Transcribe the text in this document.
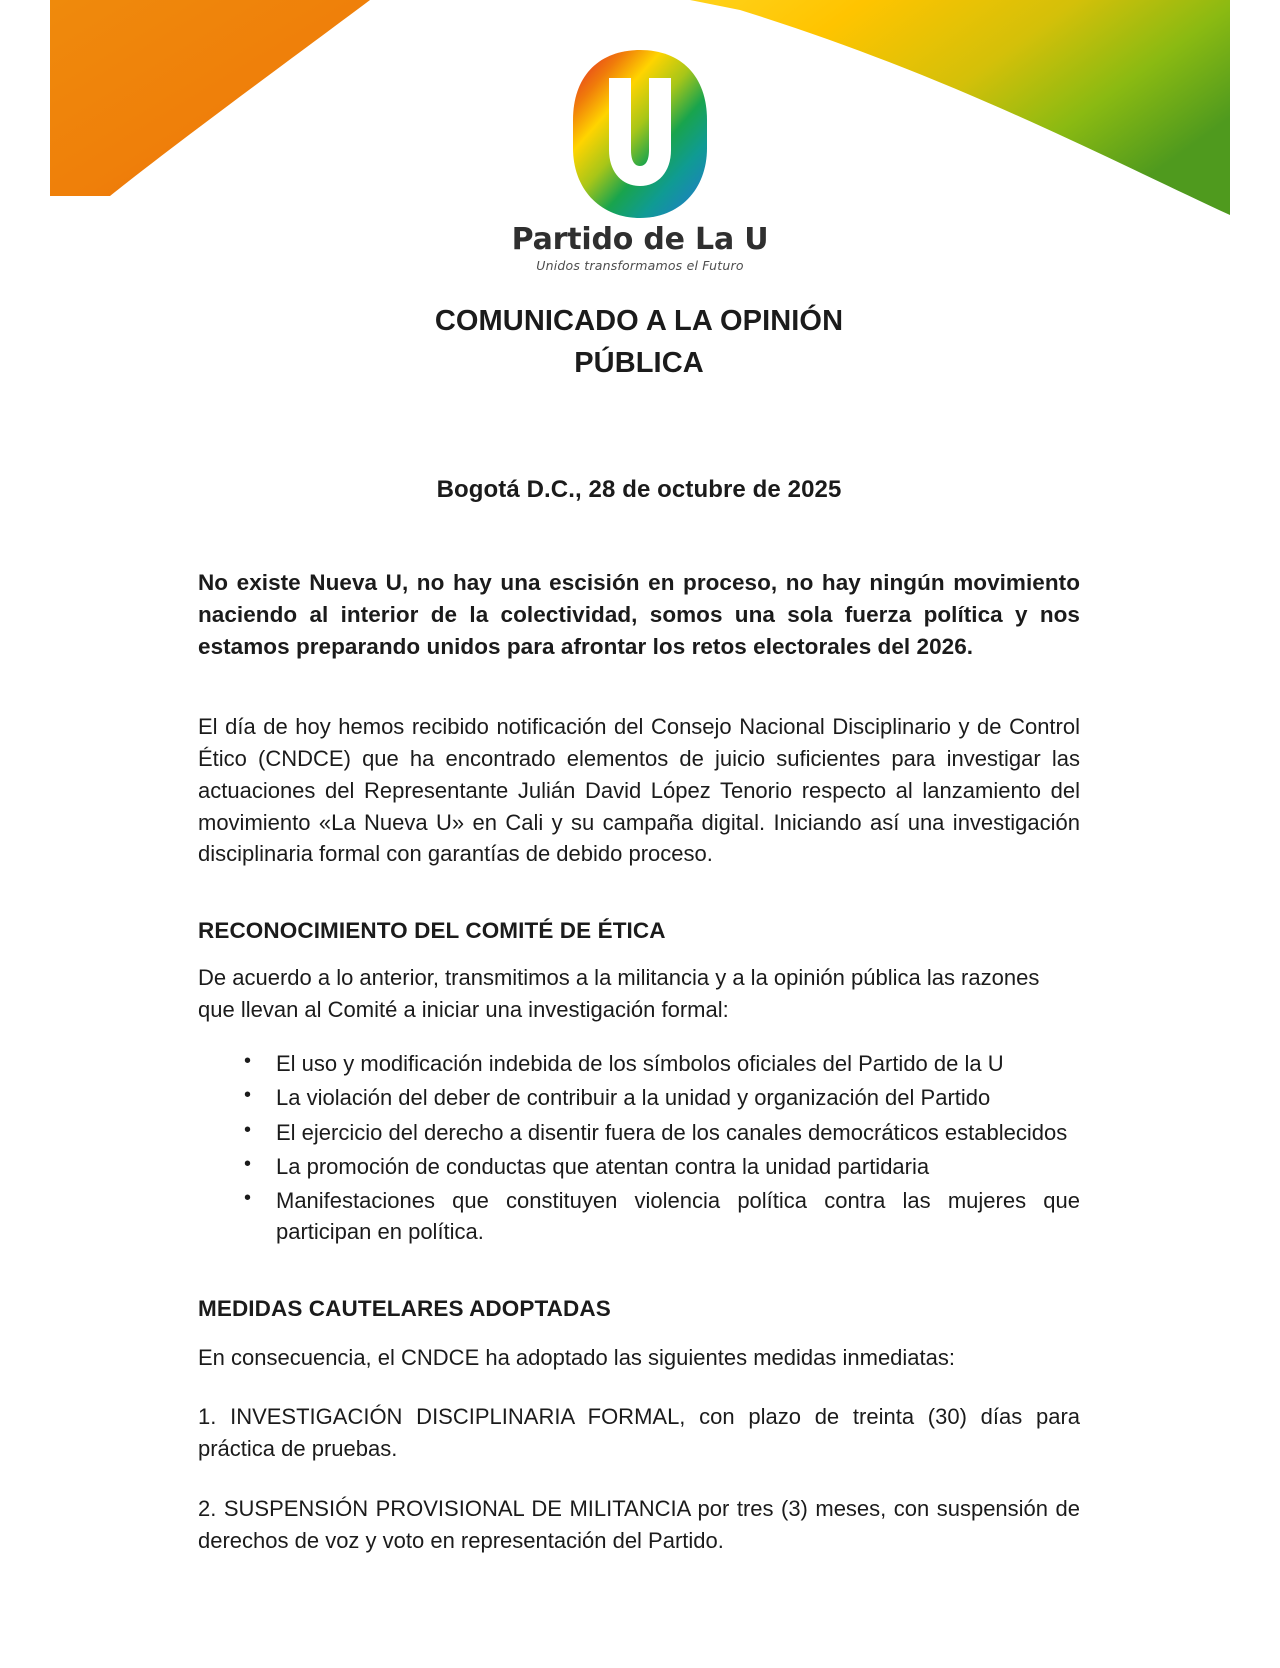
Partido de La U
Unidos transformamos el Futuro
COMUNICADO A LA OPINIÓN
PÚBLICA
Bogotá D.C., 28 de octubre de 2025

No existe Nueva U, no hay una escisión en proceso, no hay ningún movimiento naciendo al interior de la colectividad, somos una sola fuerza política y nos estamos preparando unidos para afrontar los retos electorales del 2026.

El día de hoy hemos recibido notificación del Consejo Nacional Disciplinario y de Control Ético (CNDCE) que ha encontrado elementos de juicio suficientes para investigar las actuaciones del Representante Julián David López Tenorio respecto al lanzamiento del movimiento «La Nueva U» en Cali y su campaña digital. Iniciando así una investigación disciplinaria formal con garantías de debido proceso.

RECONOCIMIENTO DEL COMITÉ DE ÉTICA

De acuerdo a lo anterior, transmitimos a la militancia y a la opinión pública las razones que llevan al Comité a iniciar una investigación formal:

• El uso y modificación indebida de los símbolos oficiales del Partido de la U
• La violación del deber de contribuir a la unidad y organización del Partido
• El ejercicio del derecho a disentir fuera de los canales democráticos establecidos
• La promoción de conductas que atentan contra la unidad partidaria
• Manifestaciones que constituyen violencia política contra las mujeres que participan en política.
MEDIDAS CAUTELARES ADOPTADAS

En consecuencia, el CNDCE ha adoptado las siguientes medidas inmediatas:

1. INVESTIGACIÓN DISCIPLINARIA FORMAL, con plazo de treinta (30) días para práctica de pruebas.

2. SUSPENSIÓN PROVISIONAL DE MILITANCIA por tres (3) meses, con suspensión de derechos de voz y voto en representación del Partido.
